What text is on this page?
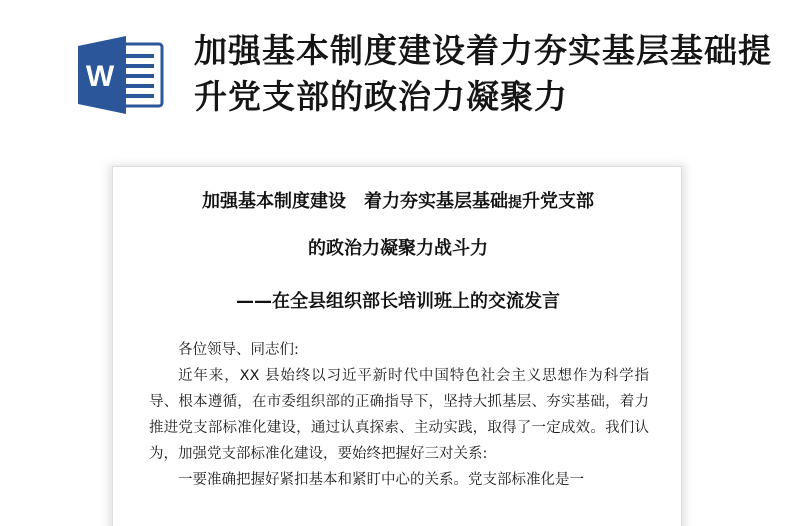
W
加强基本制度建设着力夯实基层基础提升党支部的政治力凝聚力
加强基本制度建设　着力夯实基层基础提升党支部
的政治力凝聚力战斗力
——在全县组织部长培训班上的交流发言

各位领导、同志们:

近年来，XX 县始终以习近平新时代中国特色社会主义思想作为科学指导、根本遵循，在市委组织部的正确指导下，坚持大抓基层、夯实基础，着力推进党支部标准化建设，通过认真探索、主动实践，取得了一定成效。我们认为，加强党支部标准化建设，要始终把握好三对关系:

一要准确把握好紧扣基本和紧盯中心的关系。党支部标准化是一
